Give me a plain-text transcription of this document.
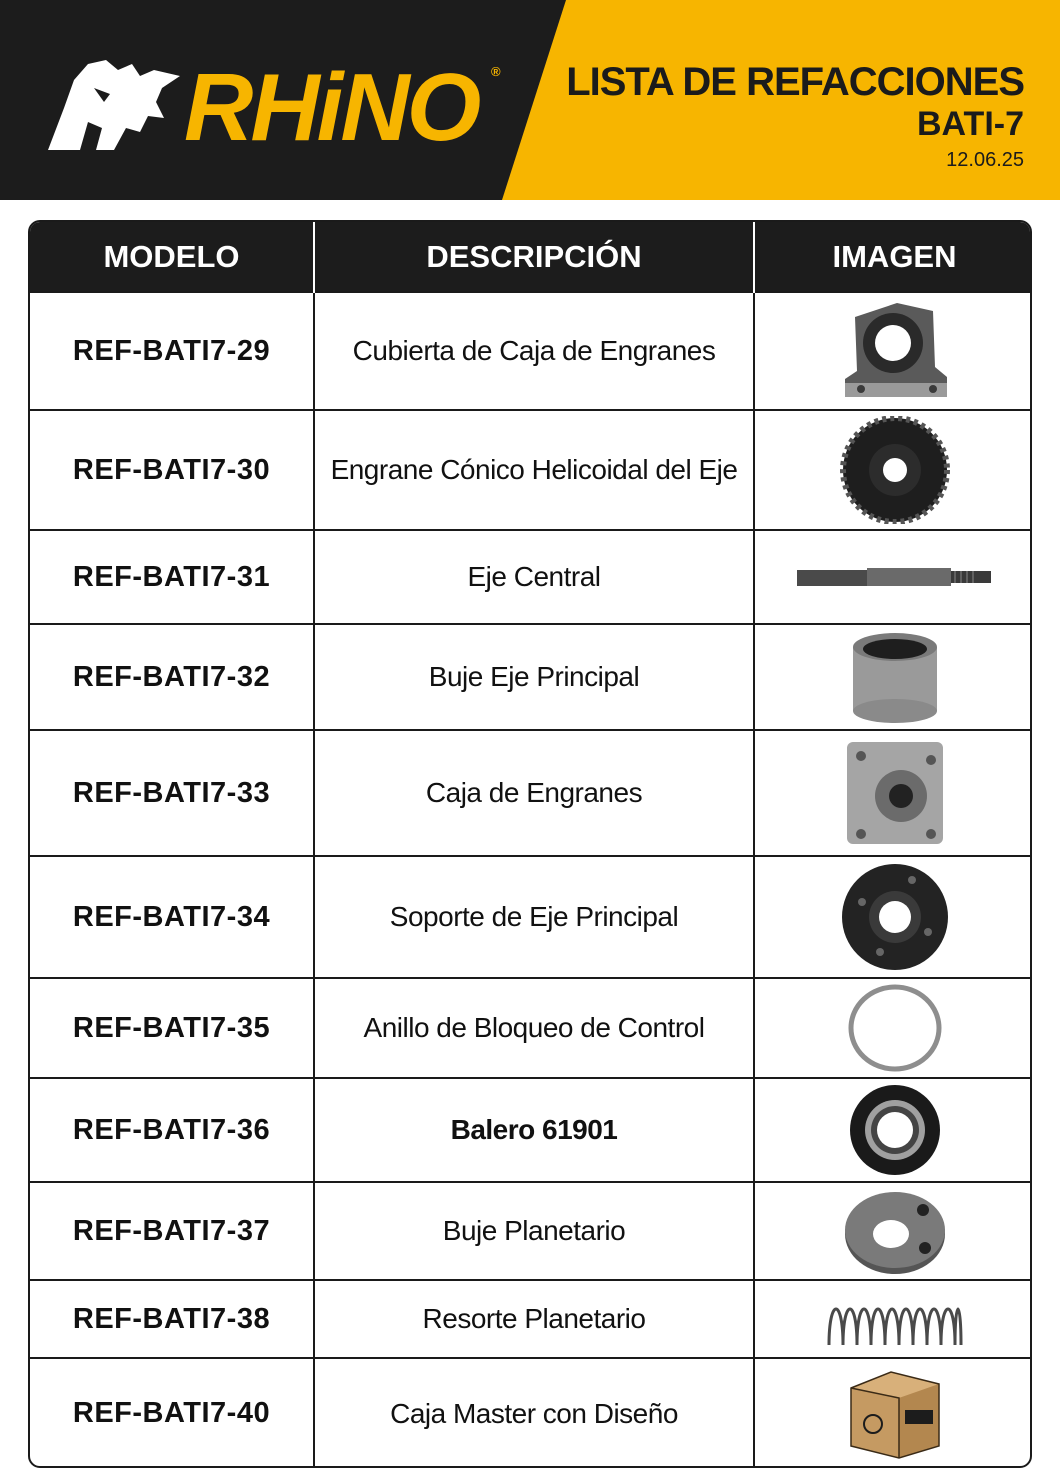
RHiNO ® LISTA DE REFACCIONES
BATI-7
12.06.25
MODELO	DESCRIPCIÓN	IMAGEN
REF-BATI7-29	Cubierta de Caja de Engranes	

REF-BATI7-30	Engrane Cónico Helicoidal del Eje	

REF-BATI7-31	Eje Central	

REF-BATI7-32	Buje Eje Principal	

REF-BATI7-33	Caja de Engranes	

REF-BATI7-34	Soporte de Eje Principal	

REF-BATI7-35	Anillo de Bloqueo de Control	

REF-BATI7-36	Balero 61901	

REF-BATI7-37	Buje Planetario	

REF-BATI7-38	Resorte Planetario	

REF-BATI7-40	Caja Master con Diseño	
